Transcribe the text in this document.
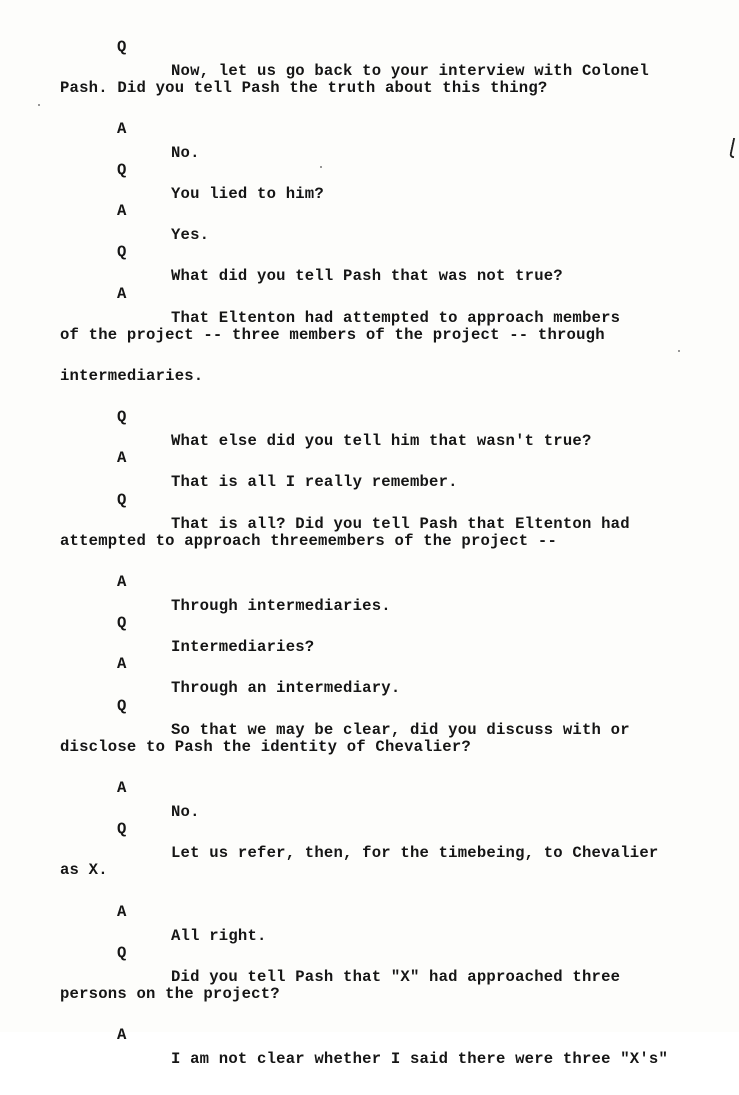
Q

Now, let us go back to your interview with Colonel

Pash. Did you tell Pash the truth about this thing?

A

No.

Q

You lied to him?

A

Yes.

Q

What did you tell Pash that was not true?

A

That Eltenton had attempted to approach members

of the project -- three members of the project -- through

intermediaries.

Q

What else did you tell him that wasn't true?

A

That is all I really remember.

Q

That is all? Did you tell Pash that Eltenton had

attempted to approach threemembers of the project --

A

Through intermediaries.

Q

Intermediaries?

A

Through an intermediary.

Q

So that we may be clear, did you discuss with or

disclose to Pash the identity of Chevalier?

A

No.

Q

Let us refer, then, for the timebeing, to Chevalier

as X.

A

All right.

Q

Did you tell Pash that "X" had approached three

persons on the project?

A

I am not clear whether I said there were three "X's"
